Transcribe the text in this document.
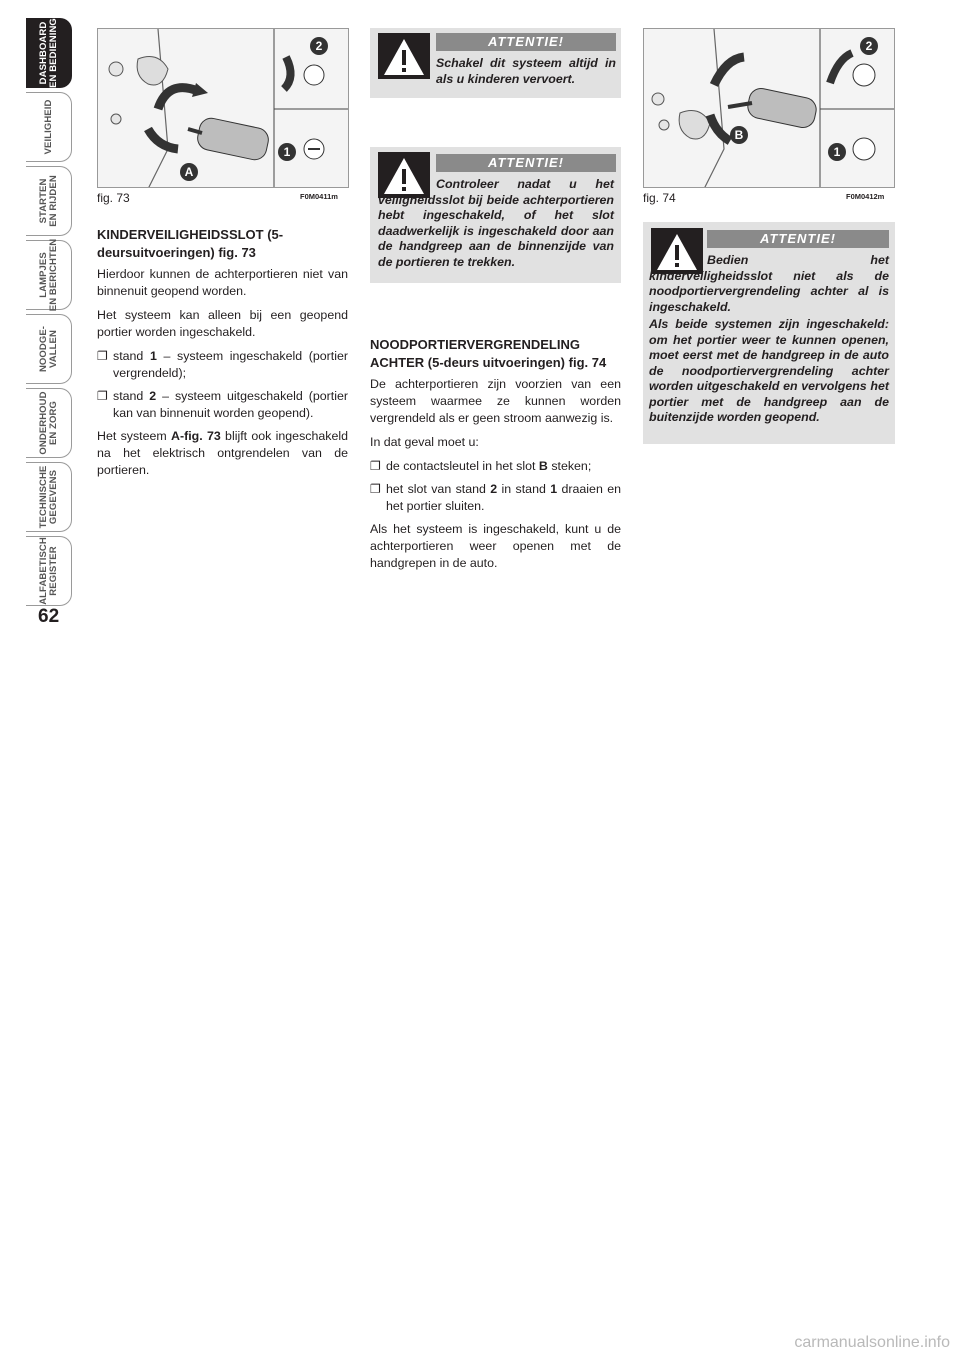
DASHBOARD
EN BEDIENING
VEILIGHEID
STARTEN
EN RIJDEN
LAMPJES
EN BERICHTEN
NOODGE-
VALLEN
ONDERHOUD
EN ZORG
TECHNISCHE
GEGEVENS
ALFABETISCH
REGISTER
62
2
1
A
fig. 73	F0M0411m
2
1
B
fig. 74	F0M0412m
KINDERVEILIGHEIDSSLOT (5-deursuitvoeringen) fig. 73

Hierdoor kunnen de achterportieren niet van binnenuit geopend worden.

Het systeem kan alleen bij een geopend portier worden ingeschakeld.

❐ stand 1 – systeem ingeschakeld (portier vergrendeld);
❐ stand 2 – systeem uitgeschakeld (portier kan van binnenuit worden geopend).

Het systeem A-fig. 73 blijft ook ingeschakeld na het elektrisch ontgrendelen van de portieren.

ATTENTIE!
Schakel dit systeem altijd in als u kinderen vervoert.
ATTENTIE!
Controleer nadat u het veiligheidsslot bij beide achterportieren hebt ingeschakeld, of het slot daadwerkelijk is ingeschakeld door aan de handgreep aan de binnenzijde van de portieren te trekken.
NOODPORTIERVERGRENDELING ACHTER (5-deurs uitvoeringen) fig. 74

De achterportieren zijn voorzien van een systeem waarmee ze kunnen worden vergrendeld als er geen stroom aanwezig is.

In dat geval moet u:

❐ de contactsleutel in het slot B steken;
❐ het slot van stand 2 in stand 1 draaien en het portier sluiten.

Als het systeem is ingeschakeld, kunt u de achterportieren weer openen met de handgrepen in de auto.

ATTENTIE!
Bedien het kinderveiligheidsslot niet als de noodportiervergrendeling achter al is ingeschakeld.
Als beide systemen zijn ingeschakeld: om het portier weer te kunnen openen, moet eerst met de handgreep in de auto de noodportiervergrendeling achter worden uitgeschakeld en vervolgens het portier met de handgreep aan de buitenzijde worden geopend.
carmanualsonline.info
